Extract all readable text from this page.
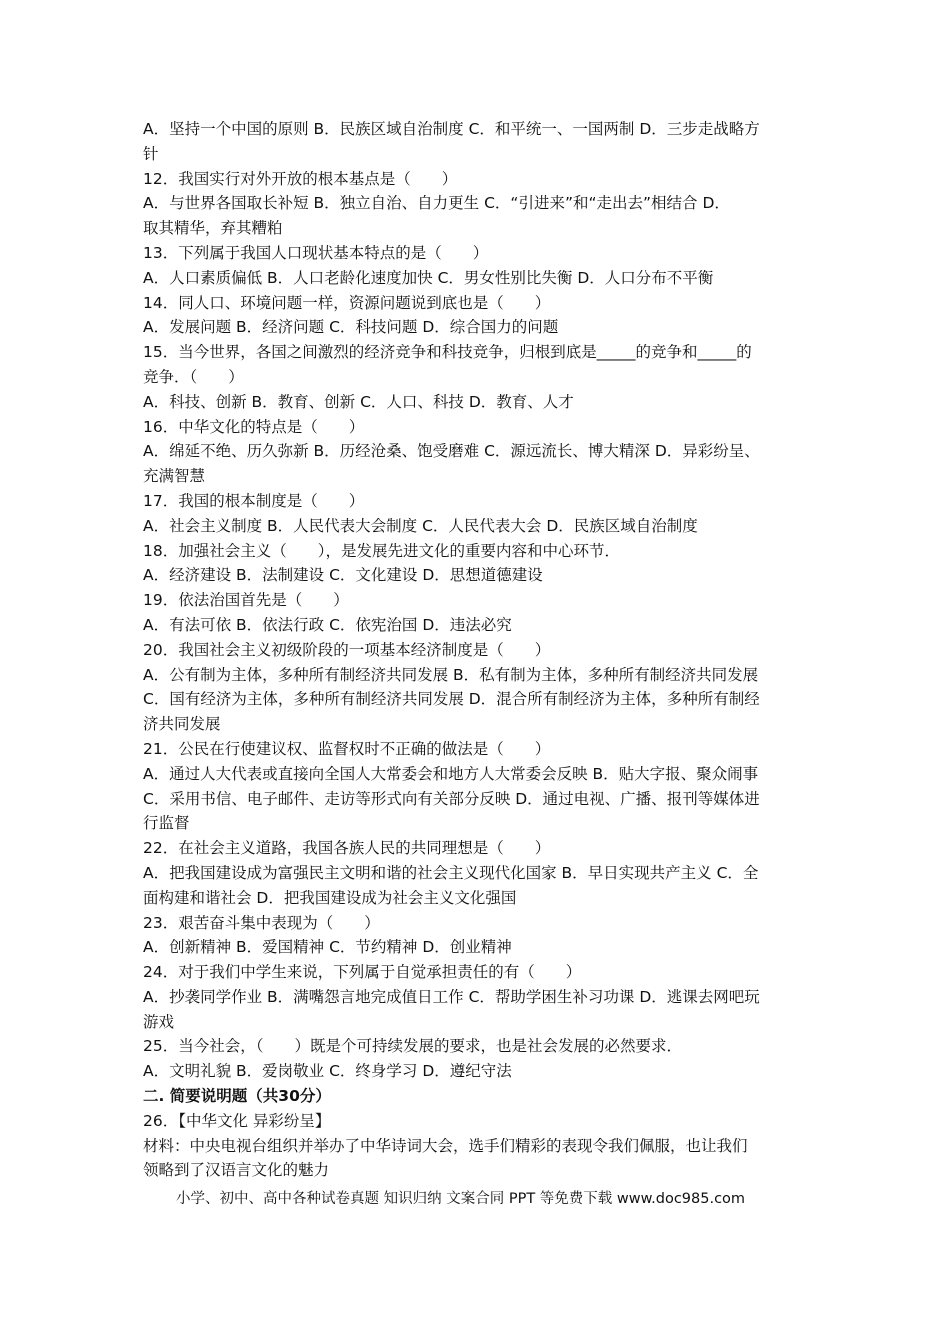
A．坚持一个中国的原则 B．民族区域自治制度 C．和平统一、一国两制 D．三步走战略方
针
12．我国实行对外开放的根本基点是（　　）
A．与世界各国取长补短 B．独立自治、自力更生 C．“引进来”和“走出去”相结合 D．
取其精华，弃其糟粕
13．下列属于我国人口现状基本特点的是（　　）
A．人口素质偏低 B．人口老龄化速度加快 C．男女性别比失衡 D．人口分布不平衡
14．同人口、环境问题一样，资源问题说到底也是（　　）
A．发展问题 B．经济问题 C．科技问题 D．综合国力的问题
15．当今世界，各国之间激烈的经济竞争和科技竞争，归根到底是_____的竞争和_____的
竞争．（　　）
A．科技、创新 B．教育、创新 C．人口、科技 D．教育、人才
16．中华文化的特点是（　　）
A．绵延不绝、历久弥新 B．历经沧桑、饱受磨难 C．源远流长、博大精深 D．异彩纷呈、
充满智慧
17．我国的根本制度是（　　）
A．社会主义制度 B．人民代表大会制度 C．人民代表大会 D．民族区域自治制度
18．加强社会主义（　　），是发展先进文化的重要内容和中心环节．
A．经济建设 B．法制建设 C．文化建设 D．思想道德建设
19．依法治国首先是（　　）
A．有法可依 B．依法行政 C．依宪治国 D．违法必究
20．我国社会主义初级阶段的一项基本经济制度是（　　）
A．公有制为主体，多种所有制经济共同发展 B．私有制为主体，多种所有制经济共同发展
C．国有经济为主体，多种所有制经济共同发展 D．混合所有制经济为主体，多种所有制经
济共同发展
21．公民在行使建议权、监督权时不正确的做法是（　　）
A．通过人大代表或直接向全国人大常委会和地方人大常委会反映 B．贴大字报、聚众闹事
C．采用书信、电子邮件、走访等形式向有关部分反映 D．通过电视、广播、报刊等媒体进
行监督
22．在社会主义道路，我国各族人民的共同理想是（　　）
A．把我国建设成为富强民主文明和谐的社会主义现代化国家 B．早日实现共产主义 C．全
面构建和谐社会 D．把我国建设成为社会主义文化强国
23．艰苦奋斗集中表现为（　　）
A．创新精神 B．爱国精神 C．节约精神 D．创业精神
24．对于我们中学生来说，下列属于自觉承担责任的有（　　）
A．抄袭同学作业 B．满嘴怨言地完成值日工作 C．帮助学困生补习功课 D．逃课去网吧玩
游戏
25．当今社会，（　　）既是个可持续发展的要求，也是社会发展的必然要求．
A．文明礼貌 B．爱岗敬业 C．终身学习 D．遵纪守法
二. 简要说明题（共30分）
26．【中华文化 异彩纷呈】
材料：中央电视台组织并举办了中华诗词大会，选手们精彩的表现令我们佩服，也让我们
领略到了汉语言文化的魅力
小学、初中、高中各种试卷真题 知识归纳 文案合同 PPT 等免费下载 www.doc985.com
